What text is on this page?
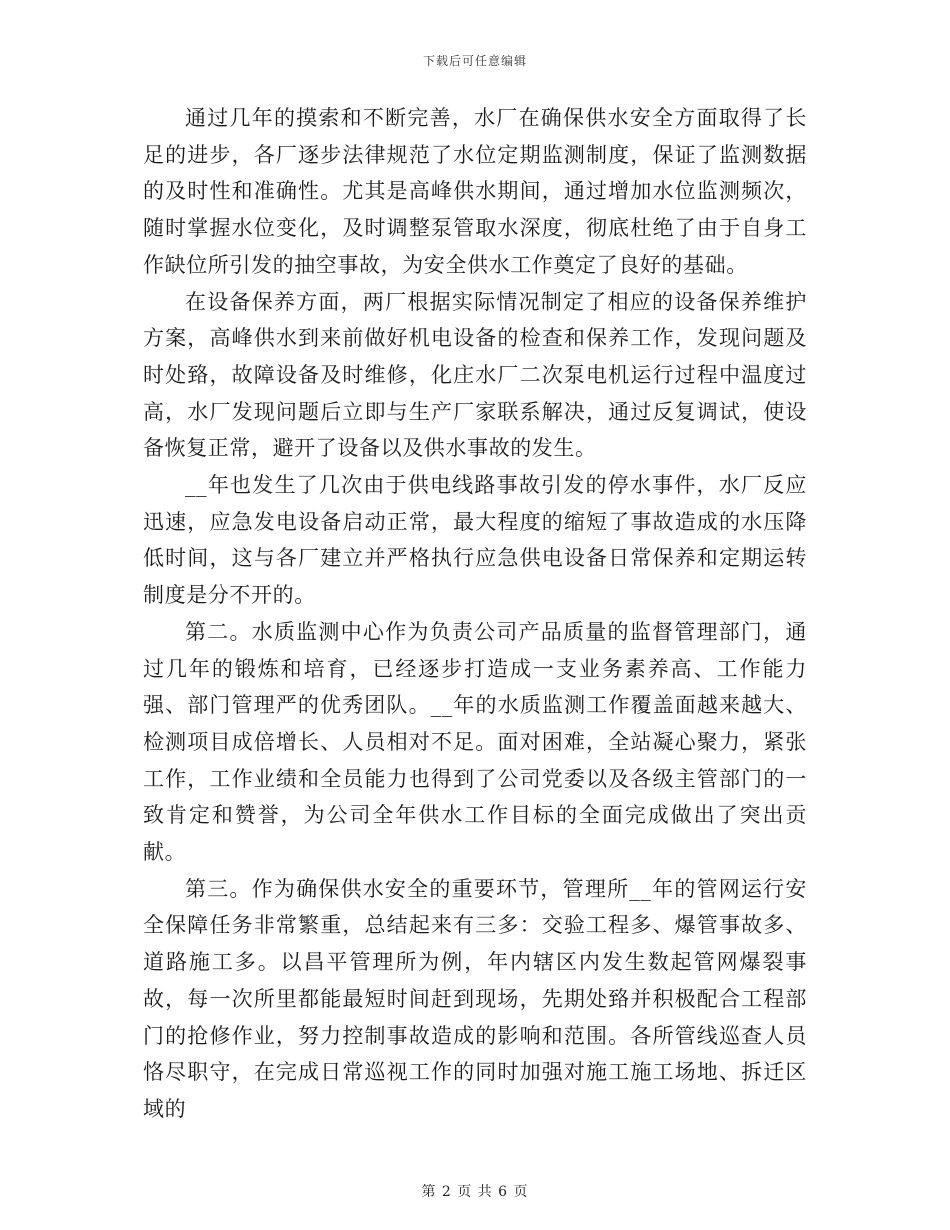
下载后可任意编辑

通过几年的摸索和不断完善，水厂在确保供水安全方面取得了长足的进步，各厂逐步法律规范了水位定期监测制度，保证了监测数据的及时性和准确性。尤其是高峰供水期间，通过增加水位监测频次，随时掌握水位变化，及时调整泵管取水深度，彻底杜绝了由于自身工作缺位所引发的抽空事故，为安全供水工作奠定了良好的基础。

在设备保养方面，两厂根据实际情况制定了相应的设备保养维护方案，高峰供水到来前做好机电设备的检查和保养工作，发现问题及时处臵，故障设备及时维修，化庄水厂二次泵电机运行过程中温度过高，水厂发现问题后立即与生产厂家联系解决，通过反复调试，使设备恢复正常，避开了设备以及供水事故的发生。

__年也发生了几次由于供电线路事故引发的停水事件，水厂反应迅速，应急发电设备启动正常，最大程度的缩短了事故造成的水压降低时间，这与各厂建立并严格执行应急供电设备日常保养和定期运转制度是分不开的。

第二。水质监测中心作为负责公司产品质量的监督管理部门，通过几年的锻炼和培育，已经逐步打造成一支业务素养高、工作能力强、部门管理严的优秀团队。__年的水质监测工作覆盖面越来越大、检测项目成倍增长、人员相对不足。面对困难，全站凝心聚力，紧张工作，工作业绩和全员能力也得到了公司党委以及各级主管部门的一致肯定和赞誉，为公司全年供水工作目标的全面完成做出了突出贡献。

第三。作为确保供水安全的重要环节，管理所__年的管网运行安全保障任务非常繁重，总结起来有三多：交验工程多、爆管事故多、道路施工多。以昌平管理所为例，年内辖区内发生数起管网爆裂事故，每一次所里都能最短时间赶到现场，先期处臵并积极配合工程部门的抢修作业，努力控制事故造成的影响和范围。各所管线巡查人员恪尽职守，在完成日常巡视工作的同时加强对施工施工场地、拆迁区域的

第 2 页 共 6 页
